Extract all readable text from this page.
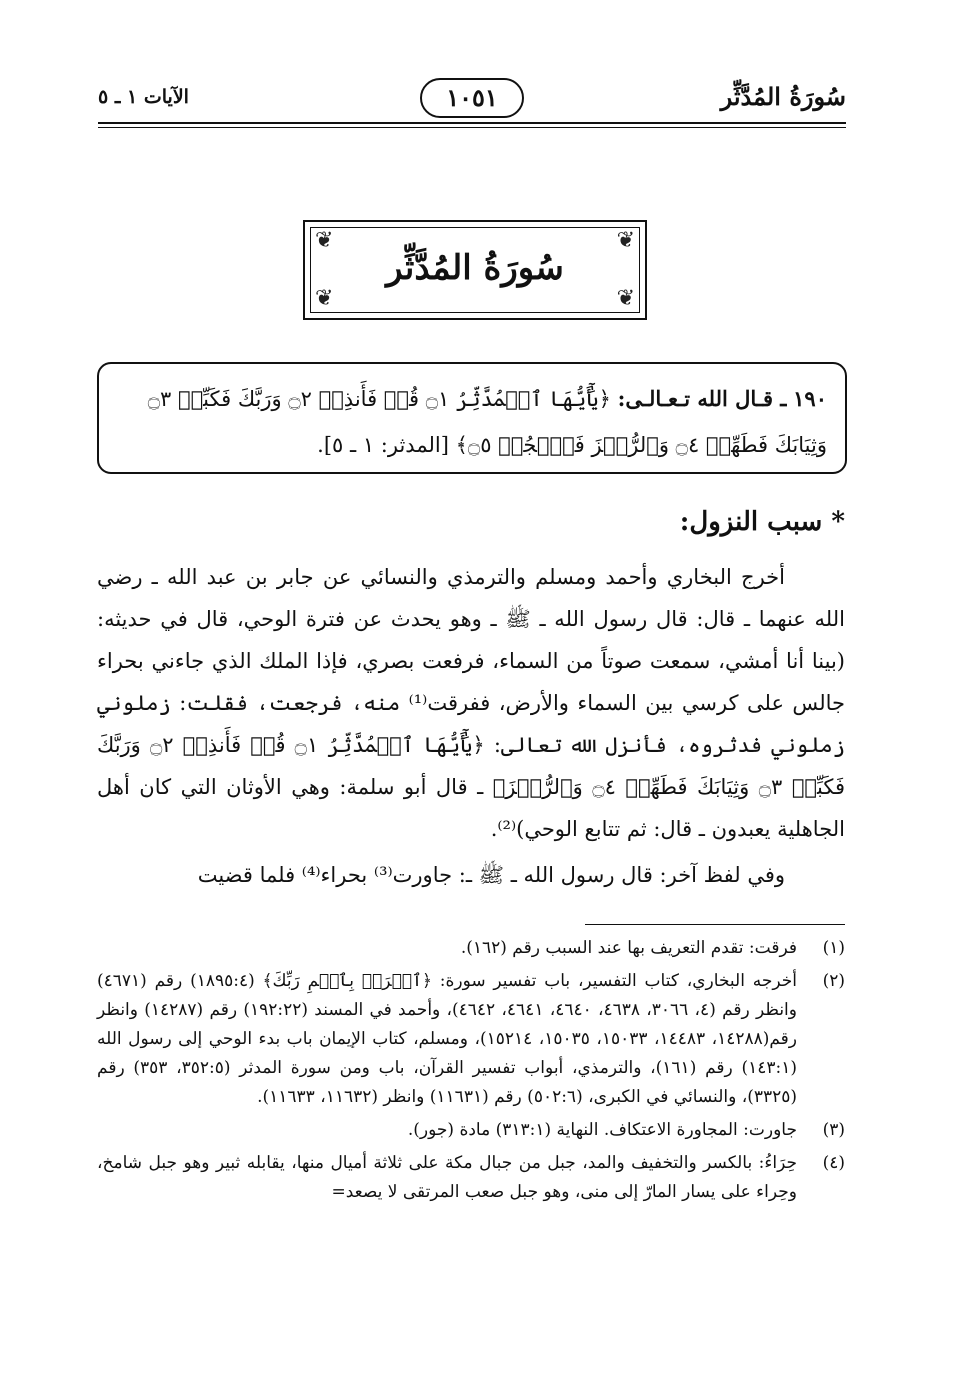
سُورَةُ المُدَّثِّر
١٠٥١
الآيات ١ ـ ٥
❦	❦
❦	❦
سُورَةُ المُدَّثِّر
١٩٠ ـ قـال الله تـعـالـى: ﴿يَٰٓأَيُّهَا ٱلۡمُدَّثِّرُ ۝١ قُمۡ فَأَنذِرۡ ۝٢ وَرَبَّكَ فَكَبِّرۡ ۝٣
وَثِيَابَكَ فَطَهِّرۡ ۝٤ وَٱلرُّجۡزَ فَٱهۡجُرۡ ۝٥﴾ [المدثر: ١ ـ ٥].
* سبب النزول:

أخرج البخاري وأحمد ومسلم والترمذي والنسائي عن جابر بن عبد الله ـ رضي الله عنهما ـ قال: قال رسول الله ـ ﷺ ـ وهو يحدث عن فترة الوحي، قال في حديثه: (بينا أنا أمشي، سمعت صوتاً من السماء، فرفعت بصري، فإذا الملك الذي جاءني بحراء جالس على كرسي بين السماء والأرض، ففرقت⁽¹⁾ منه، فرجعت، فقلت: زملوني زملوني فدثروه، فأنزل الله تعالى: ﴿يَٰٓأَيُّهَا ٱلۡمُدَّثِّرُ ۝١ قُمۡ فَأَنذِرۡ ۝٢ وَرَبَّكَ فَكَبِّرۡ ۝٣ وَثِيَابَكَ فَطَهِّرۡ ۝٤ وَٱلرُّجۡزَ﴾ ـ قال أبو سلمة: وهي الأوثان التي كان أهل الجاهلية يعبدون ـ قال: ثم تتابع الوحي)⁽²⁾.

وفي لفظ آخر: قال رسول الله ـ ﷺ ـ: جاورت⁽³⁾ بحراء⁽⁴⁾ فلما قضيت

(١)
فرقت: تقدم التعريف بها عند السبب رقم (١٦٢).
(٢)
أخرجه البخاري، كتاب التفسير، باب تفسير سورة: ﴿ٱقۡرَأۡ بِٱسۡمِ رَبِّكَ﴾ (١٨٩٥:٤) رقم (٤٦٧١) وانظر رقم (٤، ٣٠٦٦، ٤٦٣٨، ٤٦٤٠، ٤٦٤١، ٤٦٤٢)، وأحمد في المسند (١٩٢:٢٢) رقم (١٤٢٨٧) وانظر رقم(١٤٢٨٨، ١٤٤٨٣، ١٥٠٣٣، ١٥٠٣٥، ١٥٢١٤)، ومسلم، كتاب الإيمان باب بدء الوحي إلى رسول الله (١٤٣:١) رقم (١٦١)، والترمذي، أبواب تفسير القرآن، باب ومن سورة المدثر (٣٥٢:٥، ٣٥٣) رقم (٣٣٢٥)، والنسائي في الكبرى، (٥٠٢:٦) رقم (١١٦٣١) وانظر (١١٦٣٢، ١١٦٣٣).
(٣)
جاورت: المجاورة الاعتكاف. النهاية (٣١٣:١) مادة (جور).
(٤)
حِرَاءُ: بالكسر والتخفيف والمد، جبل من جبال مكة على ثلاثة أميال منها، يقابله ثبير وهو جبل شامخ، وحِراء على يسار المارّ إلى منى، وهو جبل صعب المرتقى لا يصعد=
